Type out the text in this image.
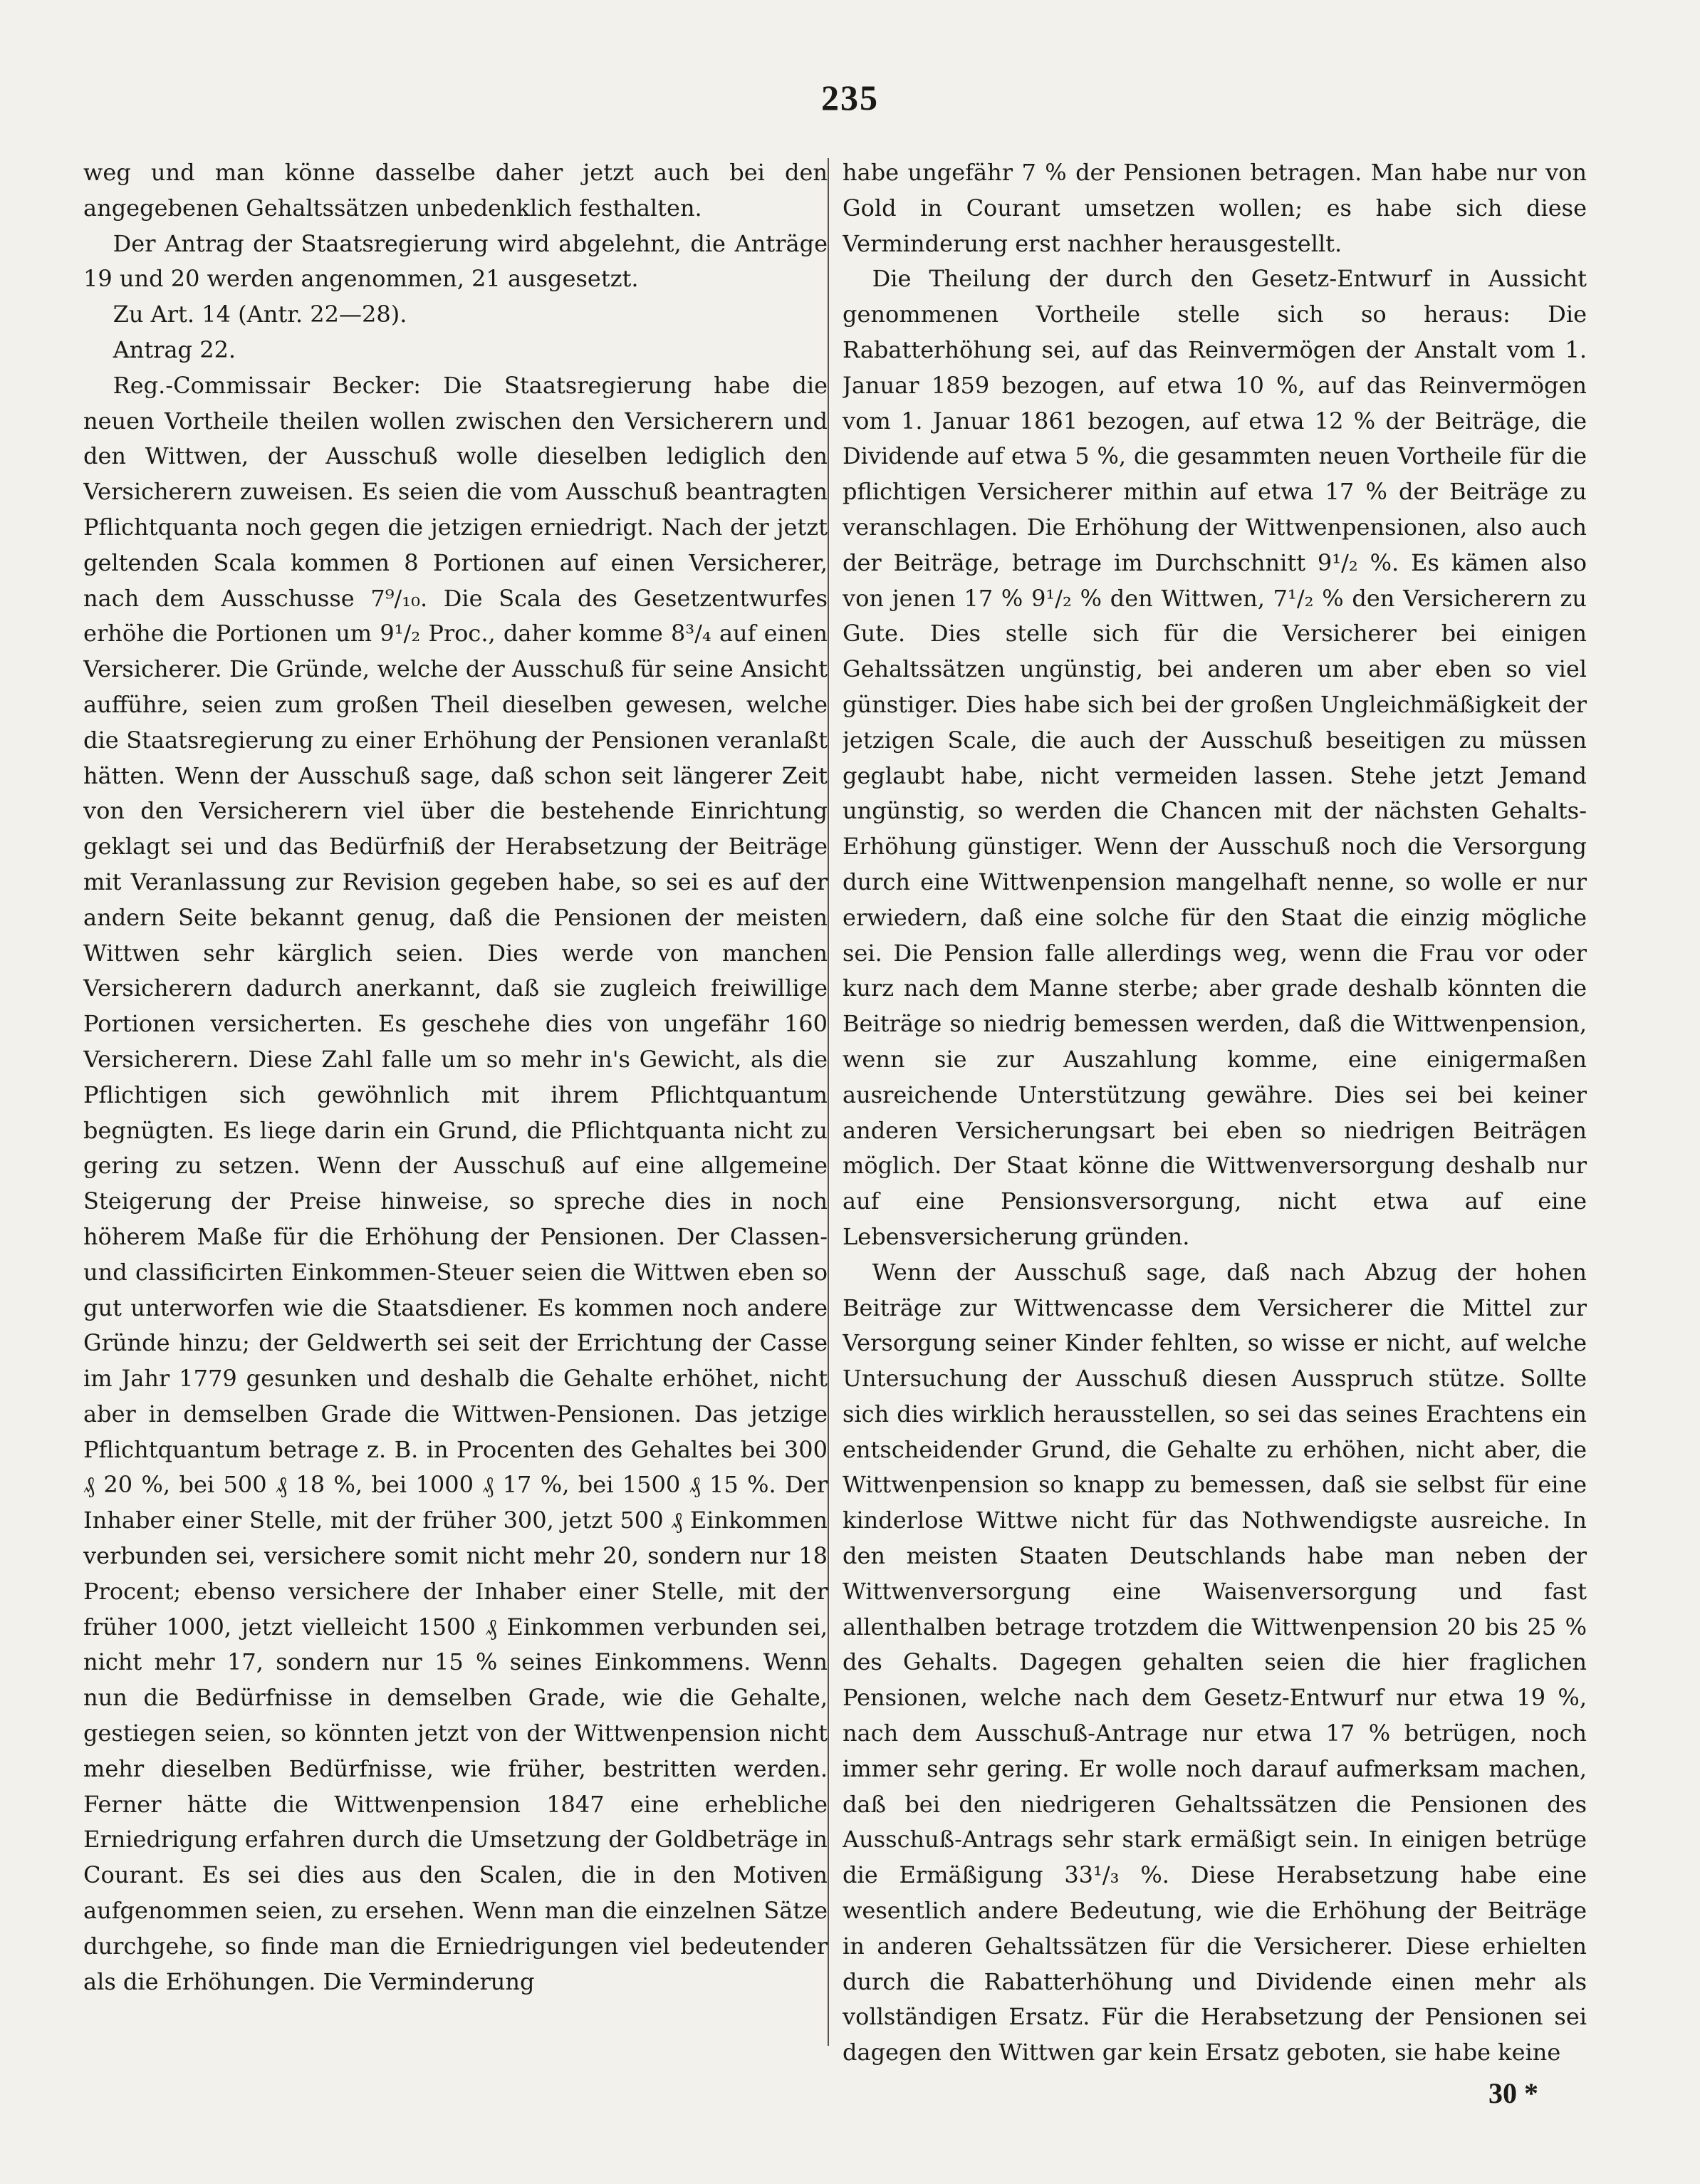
235

weg und man könne dasselbe daher jetzt auch bei den angegebenen Gehaltssätzen unbedenklich festhalten.

Der Antrag der Staatsregierung wird abgelehnt, die Anträge 19 und 20 werden angenommen, 21 ausgesetzt.

Zu Art. 14 (Antr. 22—28).

Antrag 22.

Reg.-Commissair Becker: Die Staatsregierung habe die neuen Vortheile theilen wollen zwischen den Versicherern und den Wittwen, der Ausschuß wolle dieselben lediglich den Versicherern zuweisen. Es seien die vom Ausschuß beantragten Pflichtquanta noch gegen die jetzigen erniedrigt. Nach der jetzt geltenden Scala kommen 8 Portionen auf einen Versicherer, nach dem Ausschusse 7⁹/₁₀. Die Scala des Gesetzentwurfes erhöhe die Portionen um 9¹/₂ Proc., daher komme 8³/₄ auf einen Versicherer. Die Gründe, welche der Ausschuß für seine Ansicht aufführe, seien zum großen Theil dieselben gewesen, welche die Staatsregierung zu einer Erhöhung der Pensionen veranlaßt hätten. Wenn der Ausschuß sage, daß schon seit längerer Zeit von den Versicherern viel über die bestehende Einrichtung geklagt sei und das Bedürfniß der Herabsetzung der Beiträge mit Veranlassung zur Revision gegeben habe, so sei es auf der andern Seite bekannt genug, daß die Pensionen der meisten Wittwen sehr kärglich seien. Dies werde von manchen Versicherern dadurch anerkannt, daß sie zugleich freiwillige Portionen versicherten. Es geschehe dies von ungefähr 160 Versicherern. Diese Zahl falle um so mehr in's Gewicht, als die Pflichtigen sich gewöhnlich mit ihrem Pflichtquantum begnügten. Es liege darin ein Grund, die Pflichtquanta nicht zu gering zu setzen. Wenn der Ausschuß auf eine allgemeine Steigerung der Preise hinweise, so spreche dies in noch höherem Maße für die Erhöhung der Pensionen. Der Classen- und classificirten Einkommen-Steuer seien die Wittwen eben so gut unterworfen wie die Staatsdiener. Es kommen noch andere Gründe hinzu; der Geldwerth sei seit der Errichtung der Casse im Jahr 1779 gesunken und deshalb die Gehalte erhöhet, nicht aber in demselben Grade die Wittwen-Pensionen. Das jetzige Pflichtquantum betrage z. B. in Procenten des Gehaltes bei 300 ₰ 20 %, bei 500 ₰ 18 %, bei 1000 ₰ 17 %, bei 1500 ₰ 15 %. Der Inhaber einer Stelle, mit der früher 300, jetzt 500 ₰ Einkommen verbunden sei, versichere somit nicht mehr 20, sondern nur 18 Procent; ebenso versichere der Inhaber einer Stelle, mit der früher 1000, jetzt vielleicht 1500 ₰ Einkommen verbunden sei, nicht mehr 17, sondern nur 15 % seines Einkommens. Wenn nun die Bedürfnisse in demselben Grade, wie die Gehalte, gestiegen seien, so könnten jetzt von der Wittwenpension nicht mehr dieselben Bedürfnisse, wie früher, bestritten werden. Ferner hätte die Wittwenpension 1847 eine erhebliche Erniedrigung erfahren durch die Umsetzung der Goldbeträge in Courant. Es sei dies aus den Scalen, die in den Motiven aufgenommen seien, zu ersehen. Wenn man die einzelnen Sätze durchgehe, so finde man die Erniedrigungen viel bedeutender als die Erhöhungen. Die Verminderung

habe ungefähr 7 % der Pensionen betragen. Man habe nur von Gold in Courant umsetzen wollen; es habe sich diese Verminderung erst nachher herausgestellt.

Die Theilung der durch den Gesetz-Entwurf in Aussicht genommenen Vortheile stelle sich so heraus: Die Rabatterhöhung sei, auf das Reinvermögen der Anstalt vom 1. Januar 1859 bezogen, auf etwa 10 %, auf das Reinvermögen vom 1. Januar 1861 bezogen, auf etwa 12 % der Beiträge, die Dividende auf etwa 5 %, die gesammten neuen Vortheile für die pflichtigen Versicherer mithin auf etwa 17 % der Beiträge zu veranschlagen. Die Erhöhung der Wittwenpensionen, also auch der Beiträge, betrage im Durchschnitt 9¹/₂ %. Es kämen also von jenen 17 % 9¹/₂ % den Wittwen, 7¹/₂ % den Versicherern zu Gute. Dies stelle sich für die Versicherer bei einigen Gehaltssätzen ungünstig, bei anderen um aber eben so viel günstiger. Dies habe sich bei der großen Ungleichmäßigkeit der jetzigen Scale, die auch der Ausschuß beseitigen zu müssen geglaubt habe, nicht vermeiden lassen. Stehe jetzt Jemand ungünstig, so werden die Chancen mit der nächsten Gehalts-Erhöhung günstiger. Wenn der Ausschuß noch die Versorgung durch eine Wittwenpension mangelhaft nenne, so wolle er nur erwiedern, daß eine solche für den Staat die einzig mögliche sei. Die Pension falle allerdings weg, wenn die Frau vor oder kurz nach dem Manne sterbe; aber grade deshalb könnten die Beiträge so niedrig bemessen werden, daß die Wittwenpension, wenn sie zur Auszahlung komme, eine einigermaßen ausreichende Unterstützung gewähre. Dies sei bei keiner anderen Versicherungsart bei eben so niedrigen Beiträgen möglich. Der Staat könne die Wittwenversorgung deshalb nur auf eine Pensionsversorgung, nicht etwa auf eine Lebensversicherung gründen.

Wenn der Ausschuß sage, daß nach Abzug der hohen Beiträge zur Wittwencasse dem Versicherer die Mittel zur Versorgung seiner Kinder fehlten, so wisse er nicht, auf welche Untersuchung der Ausschuß diesen Ausspruch stütze. Sollte sich dies wirklich herausstellen, so sei das seines Erachtens ein entscheidender Grund, die Gehalte zu erhöhen, nicht aber, die Wittwenpension so knapp zu bemessen, daß sie selbst für eine kinderlose Wittwe nicht für das Nothwendigste ausreiche. In den meisten Staaten Deutschlands habe man neben der Wittwenversorgung eine Waisenversorgung und fast allenthalben betrage trotzdem die Wittwenpension 20 bis 25 % des Gehalts. Dagegen gehalten seien die hier fraglichen Pensionen, welche nach dem Gesetz-Entwurf nur etwa 19 %, nach dem Ausschuß-Antrage nur etwa 17 % betrügen, noch immer sehr gering. Er wolle noch darauf aufmerksam machen, daß bei den niedrigeren Gehaltssätzen die Pensionen des Ausschuß-Antrags sehr stark ermäßigt sein. In einigen betrüge die Ermäßigung 33¹/₃ %. Diese Herabsetzung habe eine wesentlich andere Bedeutung, wie die Erhöhung der Beiträge in anderen Gehaltssätzen für die Versicherer. Diese erhielten durch die Rabatterhöhung und Dividende einen mehr als vollständigen Ersatz. Für die Herabsetzung der Pensionen sei dagegen den Wittwen gar kein Ersatz geboten, sie habe keine

30 *
